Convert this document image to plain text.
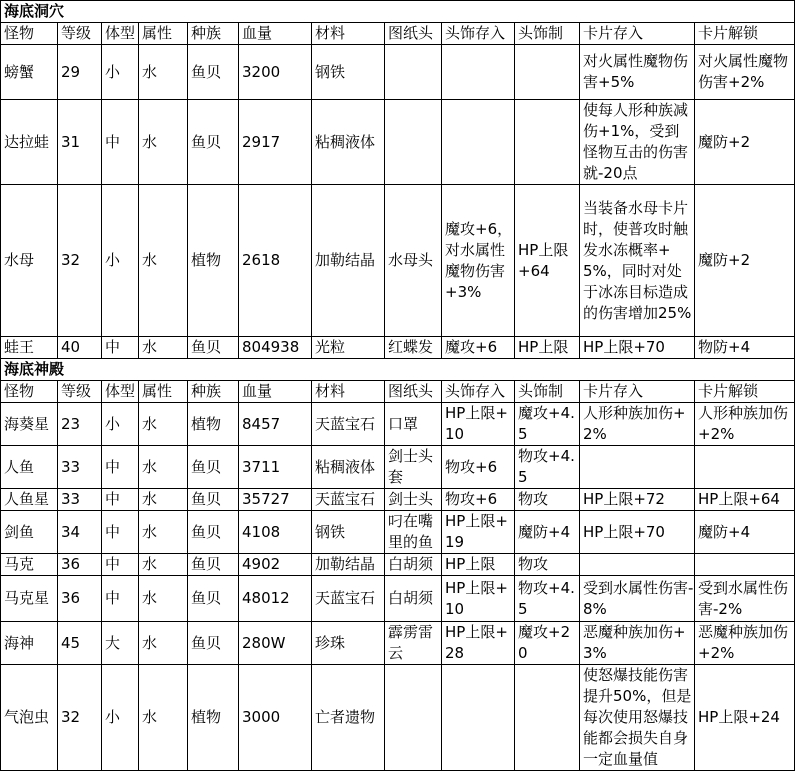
海底洞穴											
怪物	等级	体型	属性	种族	血量	材料	图纸头	头饰存入	头饰制	卡片存入	卡片解锁
螃蟹	29	小	水	鱼贝	3200	钢铁				对火属性魔物伤害+5%	对火属性魔物伤害+2%
达拉蛙	31	中	水	鱼贝	2917	粘稠液体				使每人形种族减伤+1%，受到怪物互击的伤害就-20点	魔防+2
水母	32	小	水	植物	2618	加勒结晶	水母头	魔攻+6，对水属性魔物伤害+3%	HP上限+64	当装备水母卡片时，使普攻时触发水冻概率+5%，同时对处于冰冻目标造成的伤害增加25%	魔防+2
蛙王	40	中	水	鱼贝	804938	光粒	红蝶发	魔攻+6	HP上限	HP上限+70	物防+4
海底神殿											
怪物	等级	体型	属性	种族	血量	材料	图纸头	头饰存入	头饰制	卡片存入	卡片解锁
海葵星	23	小	水	植物	8457	天蓝宝石	口罩	HP上限+10	魔攻+4.5	人形种族加伤+2%	人形种族加伤+2%
人鱼	33	中	水	鱼贝	3711	粘稠液体	剑士头套	物攻+6	物攻+4.5		
人鱼星	33	中	水	鱼贝	35727	天蓝宝石	剑士头	物攻+6	物攻	HP上限+72	HP上限+64
剑鱼	34	中	水	鱼贝	4108	钢铁	叼在嘴里的鱼	HP上限+19	魔防+4	HP上限+70	魔防+4
马克	36	中	水	鱼贝	4902	加勒结晶	白胡须	HP上限	物攻		
马克星	36	中	水	鱼贝	48012	天蓝宝石	白胡须	HP上限+10	物攻+4.5	受到水属性伤害-8%	受到水属性伤害-2%
海神	45	大	水	鱼贝	280W	珍珠	霹雳雷云	HP上限+28	魔攻+20	恶魔种族加伤+3%	恶魔种族加伤+2%
气泡虫	32	小	水	植物	3000	亡者遗物				使怒爆技能伤害提升50%，但是每次使用怒爆技能都会损失自身一定血量值	HP上限+24
